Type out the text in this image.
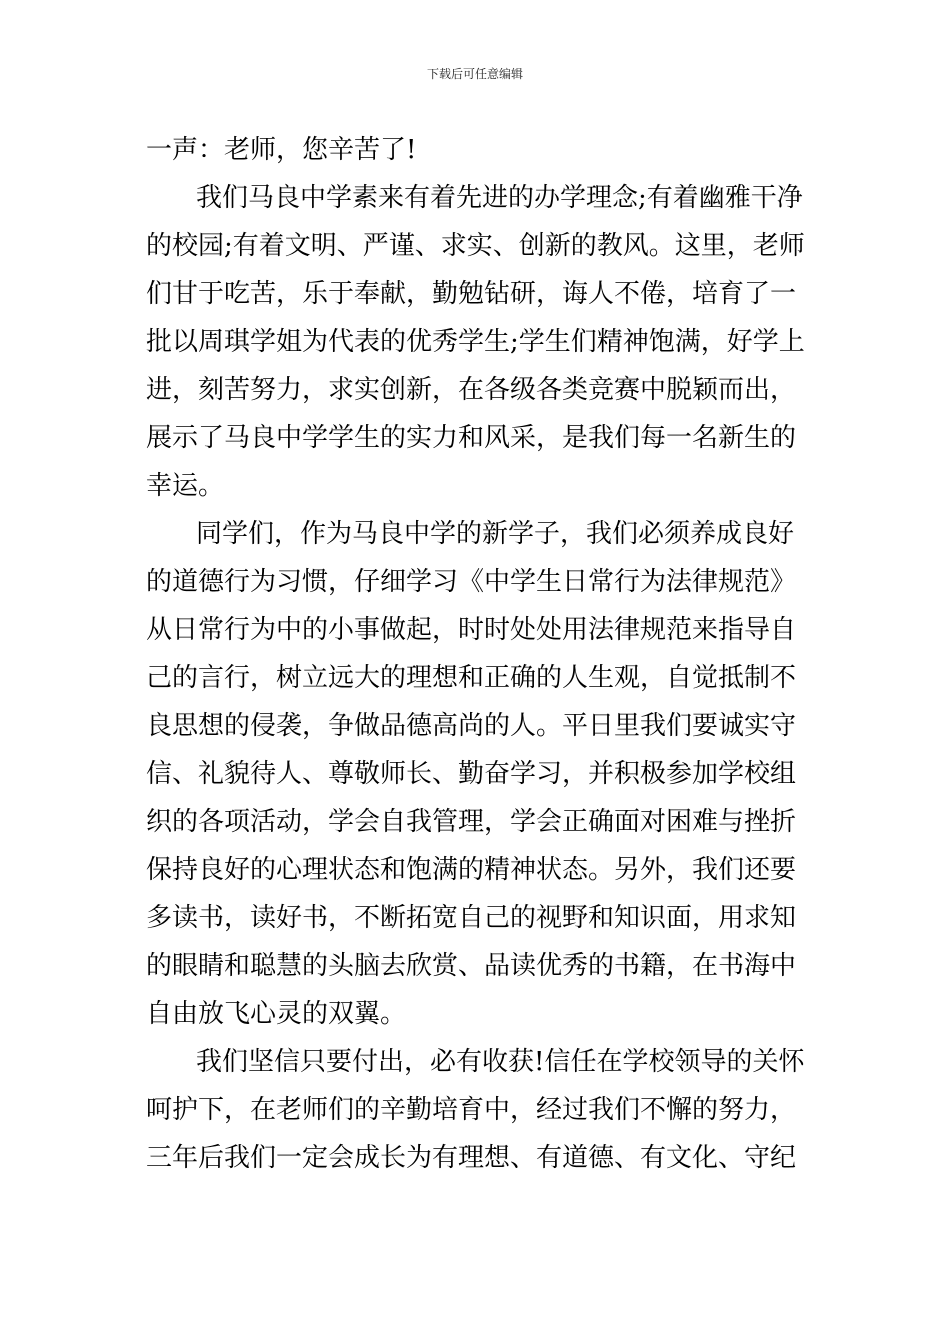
下载后可任意编辑
一声：老师，您辛苦了!
我们马良中学素来有着先进的办学理念;有着幽雅干净
的校园;有着文明、严谨、求实、创新的教风。这里，老师
们甘于吃苦，乐于奉献，勤勉钻研，诲人不倦，培育了一
批以周琪学姐为代表的优秀学生;学生们精神饱满，好学上
进，刻苦努力，求实创新，在各级各类竞赛中脱颖而出，
展示了马良中学学生的实力和风采，是我们每一名新生的
幸运。
同学们，作为马良中学的新学子，我们必须养成良好
的道德行为习惯，仔细学习《中学生日常行为法律规范》
从日常行为中的小事做起，时时处处用法律规范来指导自
己的言行，树立远大的理想和正确的人生观，自觉抵制不
良思想的侵袭，争做品德高尚的人。平日里我们要诚实守
信、礼貌待人、尊敬师长、勤奋学习，并积极参加学校组
织的各项活动，学会自我管理，学会正确面对困难与挫折
保持良好的心理状态和饱满的精神状态。另外，我们还要
多读书，读好书，不断拓宽自己的视野和知识面，用求知
的眼睛和聪慧的头脑去欣赏、品读优秀的书籍，在书海中
自由放飞心灵的双翼。
我们坚信只要付出，必有收获!信任在学校领导的关怀
呵护下，在老师们的辛勤培育中，经过我们不懈的努力，
三年后我们一定会成长为有理想、有道德、有文化、守纪
